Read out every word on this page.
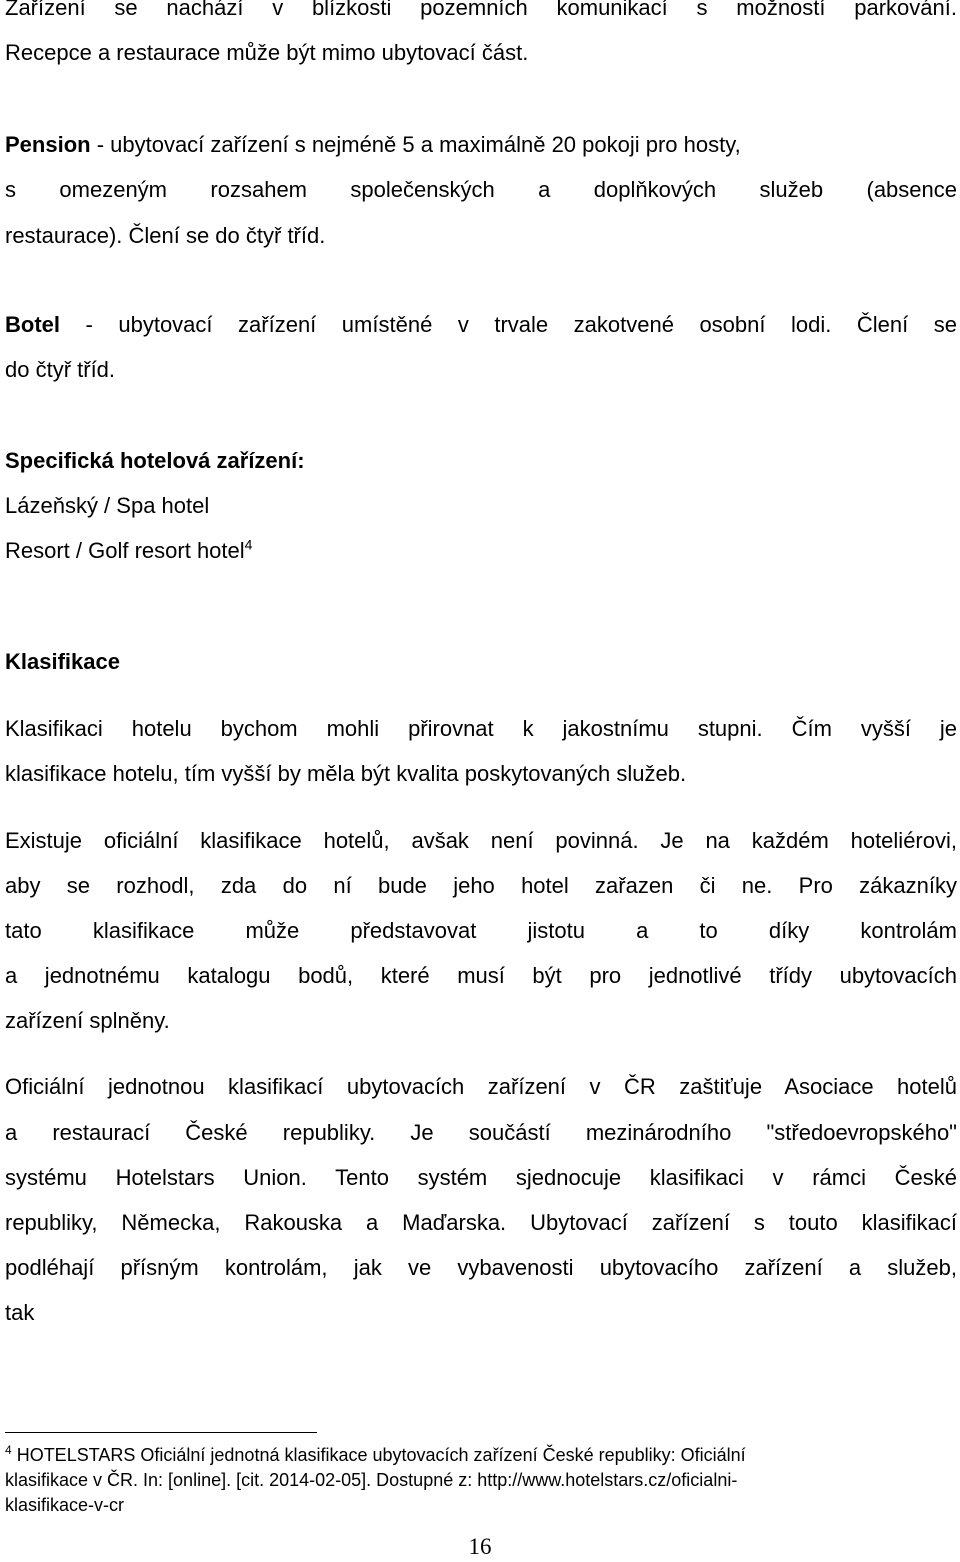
Zařízení se nachází v blízkosti pozemních komunikací s možností parkování.
Recepce a restaurace může být mimo ubytovací část.
Pension - ubytovací zařízení s nejméně 5 a maximálně 20 pokoji pro hosty,
s omezeným rozsahem společenských a doplňkových služeb (absence
restaurace). Člení se do čtyř tříd.
Botel - ubytovací zařízení umístěné v trvale zakotvené osobní lodi. Člení se
do čtyř tříd.
Specifická hotelová zařízení:
Lázeňský / Spa hotel
Resort / Golf resort hotel$^4$
Klasifikace
Klasifikaci hotelu bychom mohli přirovnat k jakostnímu stupni. Čím vyšší je
klasifikace hotelu, tím vyšší by měla být kvalita poskytovaných služeb.
Existuje oficiální klasifikace hotelů, avšak není povinná. Je na každém hoteliérovi,
aby se rozhodl, zda do ní bude jeho hotel zařazen či ne. Pro zákazníky
tato klasifikace může představovat jistotu a to díky kontrolám
a jednotnému katalogu bodů, které musí být pro jednotlivé třídy ubytovacích
zařízení splněny.
Oficiální jednotnou klasifikací ubytovacích zařízení v ČR zaštiťuje Asociace hotelů
a restaurací České republiky. Je součástí mezinárodního "středoevropského"
systému Hotelstars Union. Tento systém sjednocuje klasifikaci v rámci České
republiky, Německa, Rakouska a Maďarska. Ubytovací zařízení s touto klasifikací
podléhají přísným kontrolám, jak ve vybavenosti ubytovacího zařízení a služeb,
tak
$^4$ HOTELSTARS Oficiální jednotná klasifikace ubytovacích zařízení České republiky: Oficiální
klasifikace v ČR. In: [online]. [cit. 2014-02-05]. Dostupné z: http://www.hotelstars.cz/oficialni-
klasifikace-v-cr
16
